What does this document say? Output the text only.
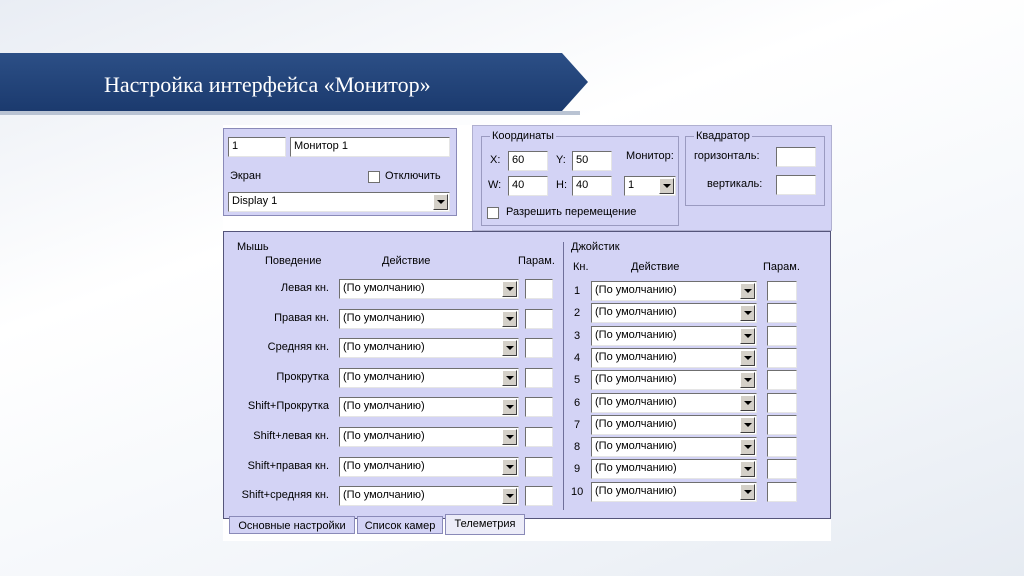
Настройка интерфейса «Монитор»
1	Монитор 1
Экран	Отключить
Display 1
Координаты
X:	60	Y: 50	Монитор:
W: 40	H: 40	1
Разрешить перемещение
Квадратор
горизонталь:
вертикаль:
Мышь
Поведение	Действие	Парам.
Левая кн. (По умолчанию)
Правая кн. (По умолчанию)
Средняя кн. (По умолчанию)
Прокрутка (По умолчанию)
Shift+Прокрутка (По умолчанию)
Shift+левая кн. (По умолчанию)
Shift+правая кн. (По умолчанию)
Shift+средняя кн. (По умолчанию)
Джойстик
Кн.	Действие	Парам.
1 (По умолчанию)
2 (По умолчанию)
3 (По умолчанию)
4 (По умолчанию)
5 (По умолчанию)
6 (По умолчанию)
7 (По умолчанию)
8 (По умолчанию)
9 (По умолчанию)
10 (По умолчанию)
Основные настройки	Список камер	Телеметрия
